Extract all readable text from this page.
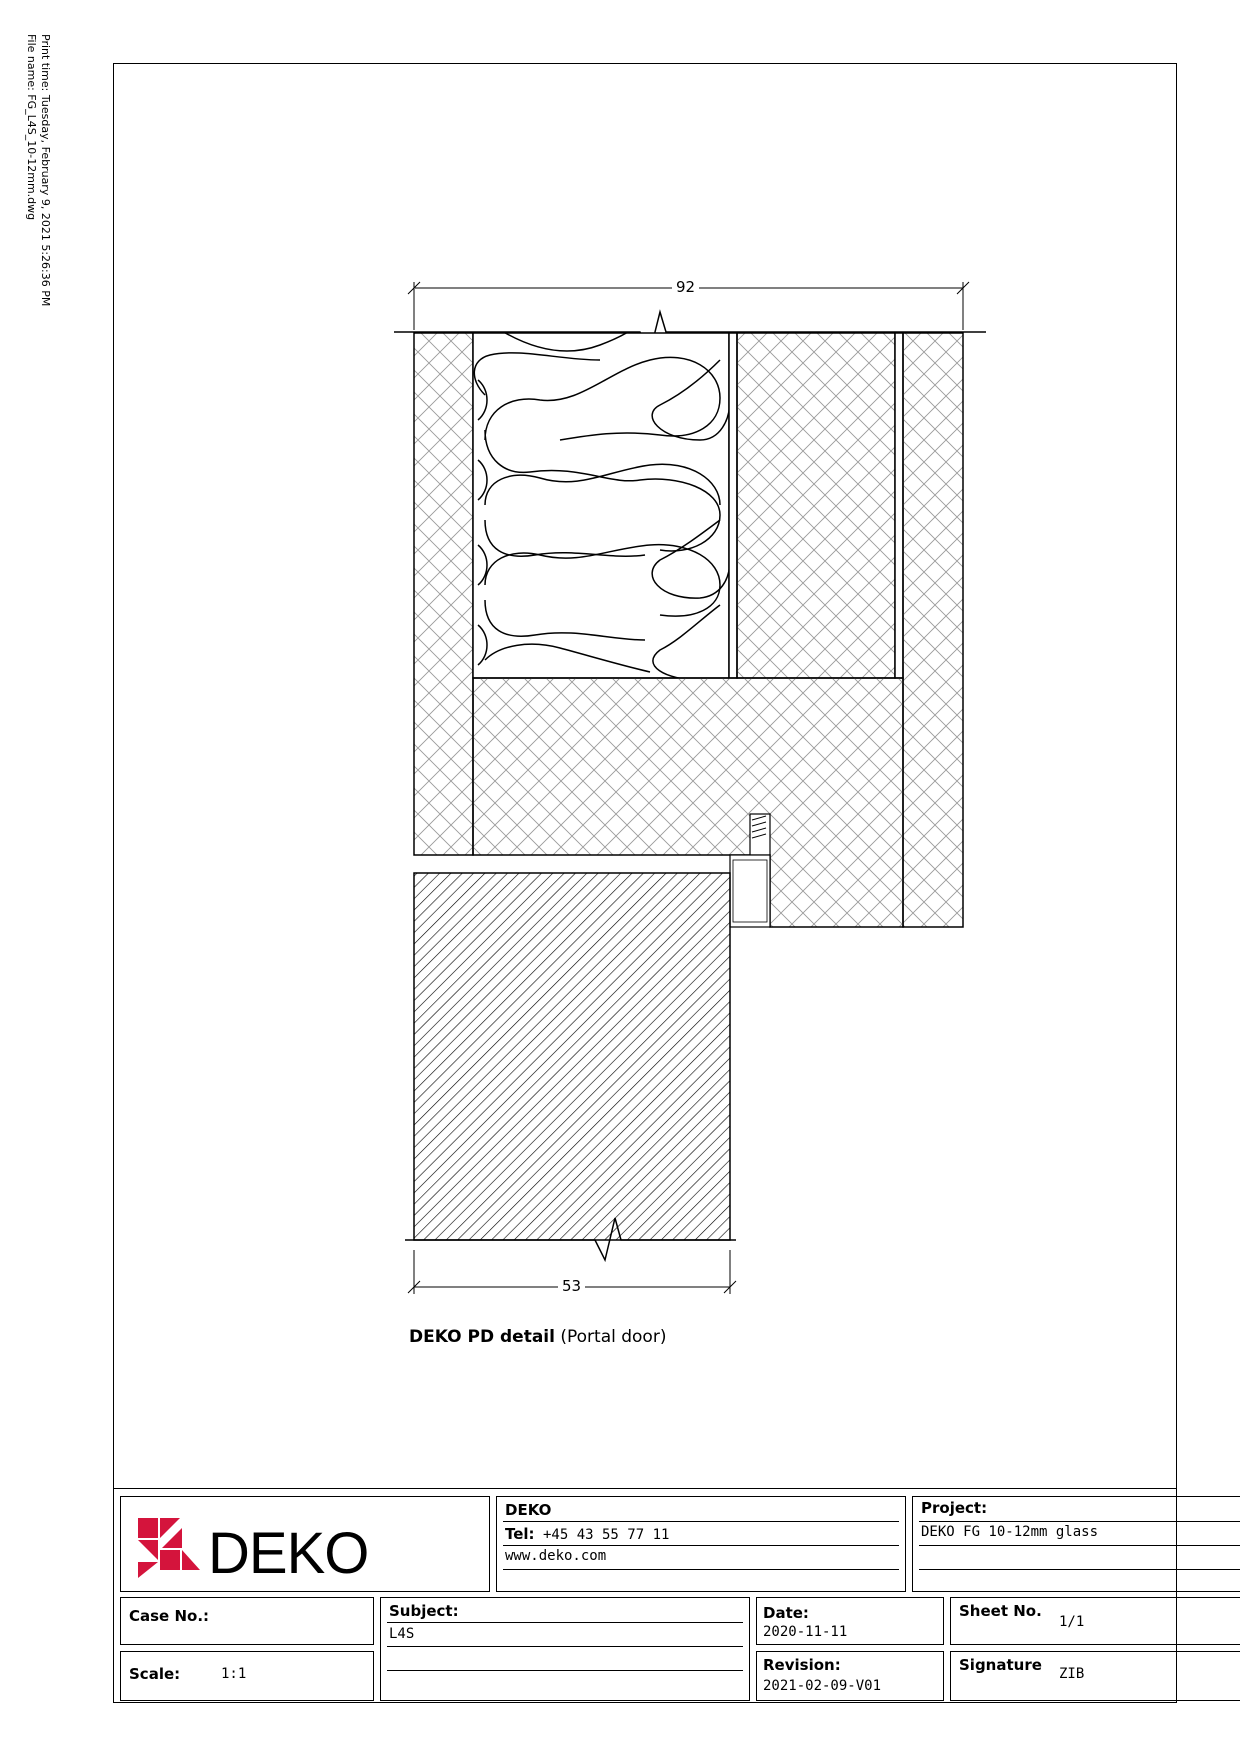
Print time: Tuesday, February 9, 2021 5:26:36 PM
File name: FG_L4S_10-12mm.dwg
92
53
DEKO PD detail (Portal door)
DEKO
DEKO
Tel: +45 43 55 77 11
www.deko.com
Project:
DEKO FG 10-12mm glass
Case No.:	Subject:
L4S
Date:
2020-11-11
Sheet No.
1/1
Scale:	1:1	Revision:
2021-02-09-V01
Signature ZIB
